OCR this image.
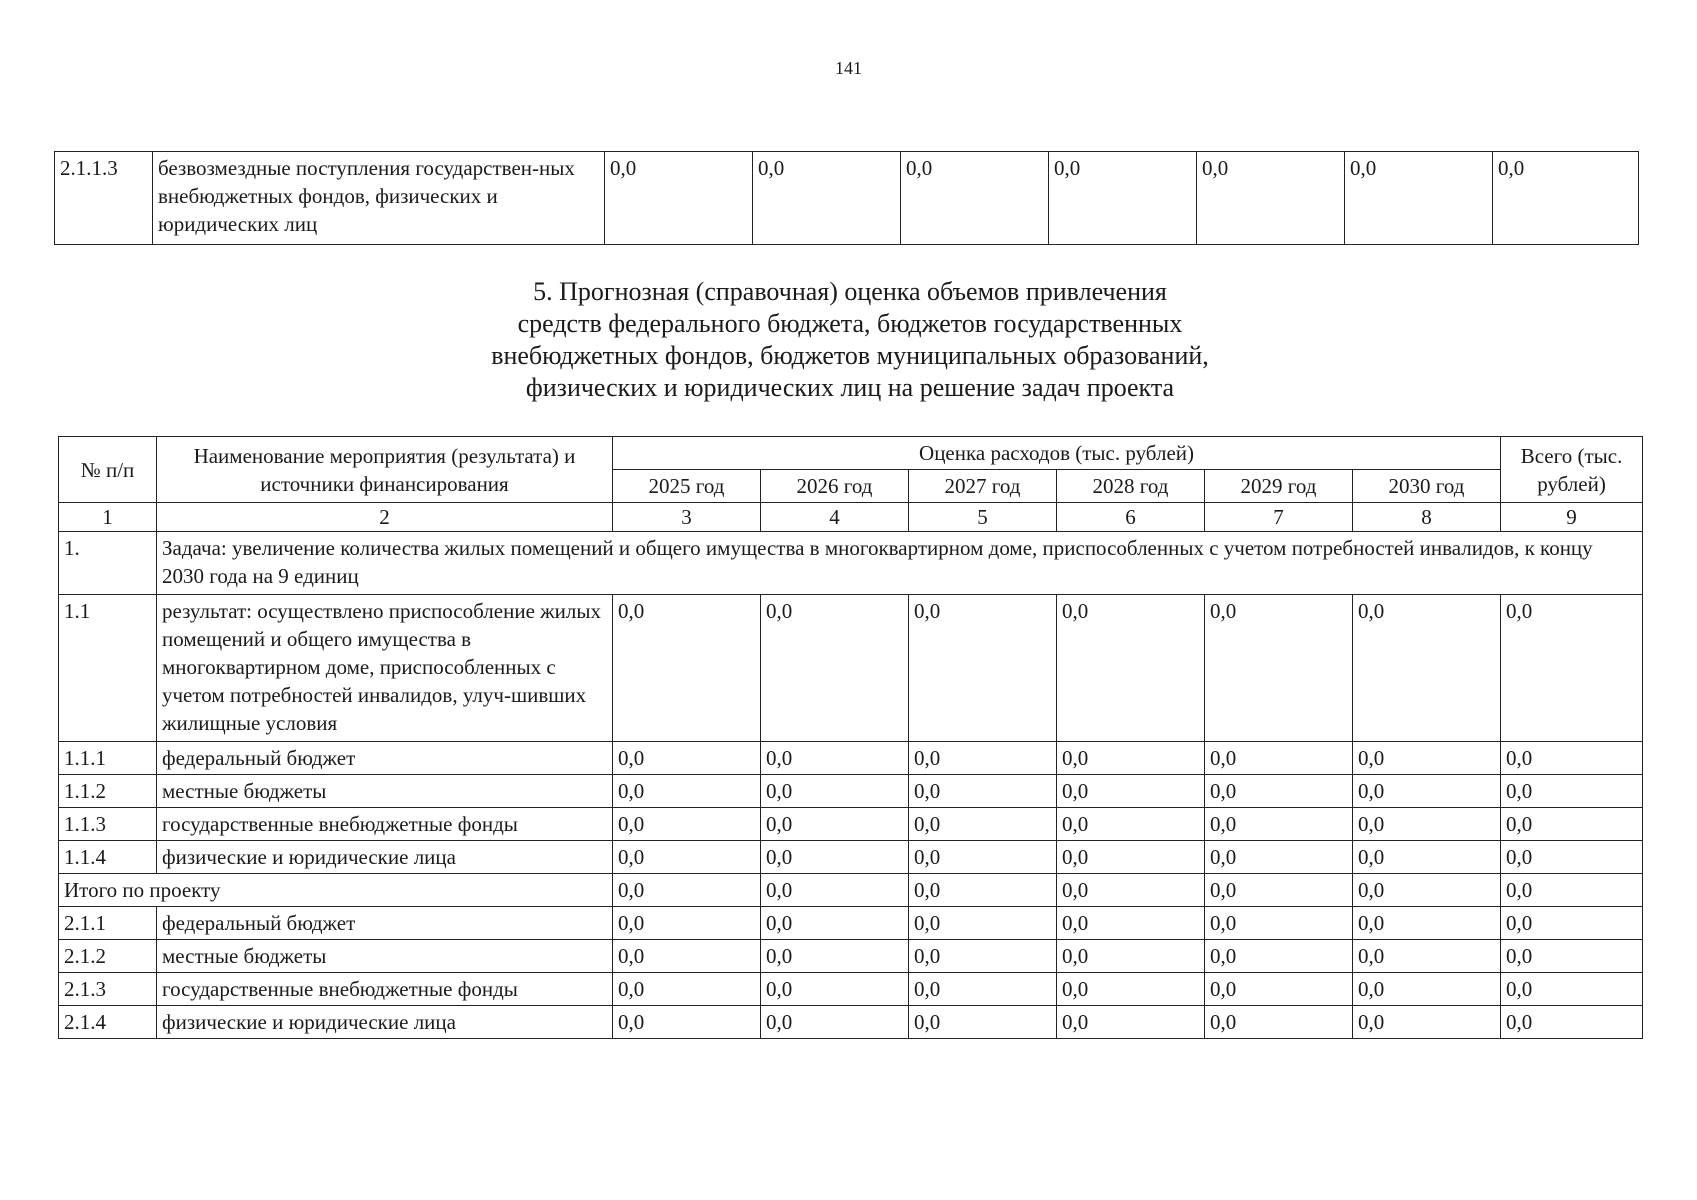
141
2.1.1.3	безвозмездные поступления государствен-ных внебюджетных фондов, физических и юридических лиц	0,0	0,0	0,0	0,0	0,0	0,0	0,0
5. Прогнозная (справочная) оценка объемов привлечения
средств федерального бюджета, бюджетов государственных
внебюджетных фондов, бюджетов муниципальных образований,
физических и юридических лиц на решение задач проекта
№ п/п	Наименование мероприятия (результата) и источники финансирования	Оценка расходов (тыс. рублей)						Всего (тыс. рублей)
		2025 год	2026 год	2027 год	2028 год	2029 год	2030 год	
1	2	3	4	5	6	7	8	9
1.	Задача: увеличение количества жилых помещений и общего имущества в многоквартирном доме, приспособленных с учетом потребностей инвалидов, к концу 2030 года на 9 единиц							
1.1	результат: осуществлено приспособление жилых помещений и общего имущества в многоквартирном доме, приспособленных с учетом потребностей инвалидов, улуч-шивших жилищные условия	0,0	0,0	0,0	0,0	0,0	0,0	0,0
1.1.1	федеральный бюджет	0,0	0,0	0,0	0,0	0,0	0,0	0,0
1.1.2	местные бюджеты	0,0	0,0	0,0	0,0	0,0	0,0	0,0
1.1.3	государственные внебюджетные фонды	0,0	0,0	0,0	0,0	0,0	0,0	0,0
1.1.4	физические и юридические лица	0,0	0,0	0,0	0,0	0,0	0,0	0,0
Итого по проекту		0,0	0,0	0,0	0,0	0,0	0,0	0,0
2.1.1	федеральный бюджет	0,0	0,0	0,0	0,0	0,0	0,0	0,0
2.1.2	местные бюджеты	0,0	0,0	0,0	0,0	0,0	0,0	0,0
2.1.3	государственные внебюджетные фонды	0,0	0,0	0,0	0,0	0,0	0,0	0,0
2.1.4	физические и юридические лица	0,0	0,0	0,0	0,0	0,0	0,0	0,0
